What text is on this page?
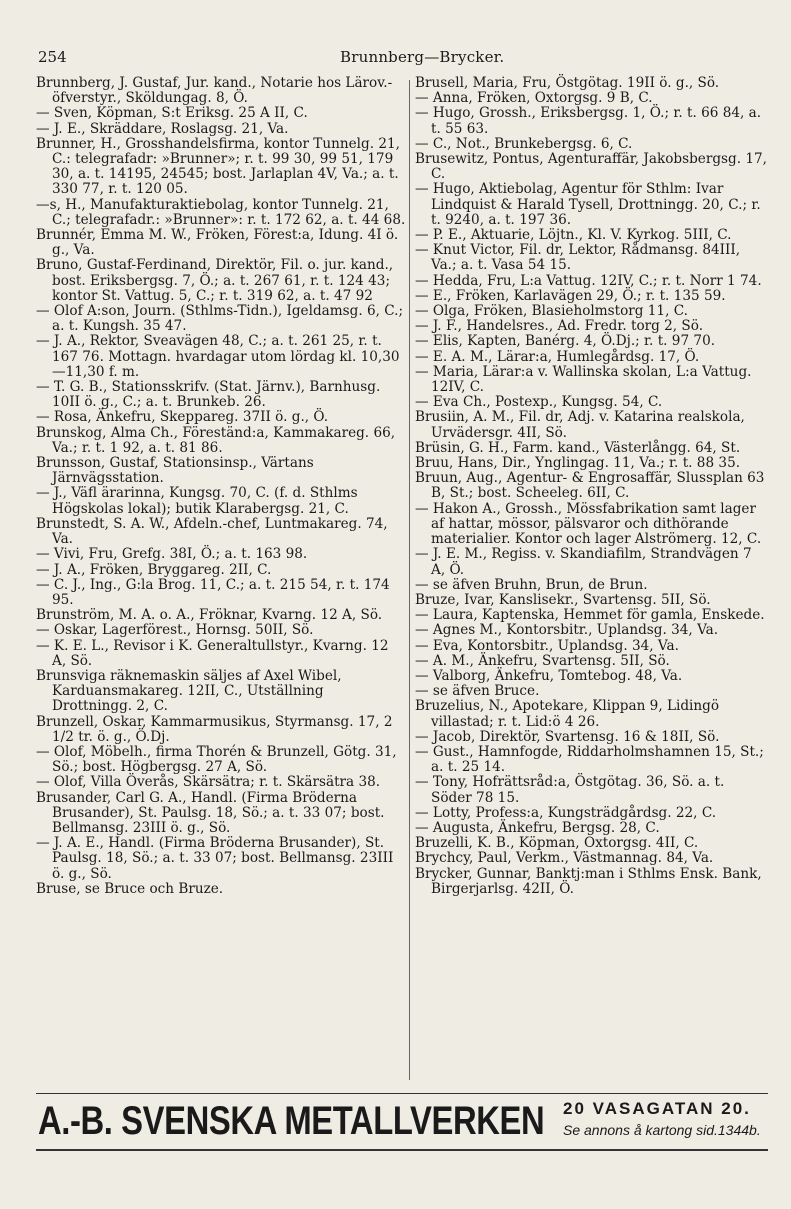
254	Brunnberg—Brycker.
Brunnberg, J. Gustaf, Jur. kand., Notarie hos Lärov.-öfverstyr., Sköldungag. 8, Ö.
— Sven, Köpman, S:t Eriksg. 25 A II, C.
— J. E., Skräddare, Roslagsg. 21, Va.
Brunner, H., Grosshandelsfirma, kontor Tunnelg. 21, C.: telegrafadr: »Brunner»; r. t. 99 30, 99 51, 179 30, a. t. 14195, 24545; bost. Jarlaplan 4V, Va.; a. t. 330 77, r. t. 120 05.
—s, H., Manufakturaktiebolag, kontor Tunnelg. 21, C.; telegrafadr.: »Brunner»: r. t. 172 62, a. t. 44 68.
Brunnér, Emma M. W., Fröken, Förest:a, Idung. 4I ö. g., Va.
Bruno, Gustaf-Ferdinand, Direktör, Fil. o. jur. kand., bost. Eriksbergsg. 7, Ö.; a. t. 267 61, r. t. 124 43; kontor St. Vattug. 5, C.; r. t. 319 62, a. t. 47 92
— Olof A:son, Journ. (Sthlms-Tidn.), Igeldamsg. 6, C.; a. t. Kungsh. 35 47.
— J. A., Rektor, Sveavägen 48, C.; a. t. 261 25, r. t. 167 76. Mottagn. hvardagar utom lördag kl. 10,30—11,30 f. m.
— T. G. B., Stationsskrifv. (Stat. Järnv.), Barnhusg. 10II ö. g., C.; a. t. Brunkeb. 26.
— Rosa, Änkefru, Skeppareg. 37II ö. g., Ö.
Brunskog, Alma Ch., Föreständ:a, Kammakareg. 66, Va.; r. t. 1 92, a. t. 81 86.
Brunsson, Gustaf, Stationsinsp., Värtans Järnvägsstation.
— J., Väfl ärarinna, Kungsg. 70, C. (f. d. Sthlms Högskolas lokal); butik Klarabergsg. 21, C.
Brunstedt, S. A. W., Afdeln.-chef, Luntmakareg. 74, Va.
— Vivi, Fru, Grefg. 38I, Ö.; a. t. 163 98.
— J. A., Fröken, Bryggareg. 2II, C.
— C. J., Ing., G:la Brog. 11, C.; a. t. 215 54, r. t. 174 95.
Brunström, M. A. o. A., Fröknar, Kvarng. 12 A, Sö.
— Oskar, Lagerförest., Hornsg. 50II, Sö.
— K. E. L., Revisor i K. Generaltullstyr., Kvarng. 12 A, Sö.
Brunsviga räknemaskin säljes af Axel Wibel, Karduansmakareg. 12II, C., Utställning Drottningg. 2, C.
Brunzell, Oskar, Kammarmusikus, Styrmansg. 17, 2 1/2 tr. ö. g., Ö.Dj.
— Olof, Möbelh., firma Thorén & Brunzell, Götg. 31, Sö.; bost. Högbergsg. 27 A, Sö.
— Olof, Villa Överås, Skärsätra; r. t. Skärsätra 38.
Brusander, Carl G. A., Handl. (Firma Bröderna Brusander), St. Paulsg. 18, Sö.; a. t. 33 07; bost. Bellmansg. 23III ö. g., Sö.
— J. A. E., Handl. (Firma Bröderna Brusander), St. Paulsg. 18, Sö.; a. t. 33 07; bost. Bellmansg. 23III ö. g., Sö.
Bruse, se Bruce och Bruze.
Brusell, Maria, Fru, Östgötag. 19II ö. g., Sö.
— Anna, Fröken, Oxtorgsg. 9 B, C.
— Hugo, Grossh., Eriksbergsg. 1, Ö.; r. t. 66 84, a. t. 55 63.
— C., Not., Brunkebergsg. 6, C.
Brusewitz, Pontus, Agenturaffär, Jakobsbergsg. 17, C.
— Hugo, Aktiebolag, Agentur för Sthlm: Ivar Lindquist & Harald Tysell, Drottningg. 20, C.; r. t. 9240, a. t. 197 36.
— P. E., Aktuarie, Löjtn., Kl. V. Kyrkog. 5III, C.
— Knut Victor, Fil. dr, Lektor, Rådmansg. 84III, Va.; a. t. Vasa 54 15.
— Hedda, Fru, L:a Vattug. 12IV, C.; r. t. Norr 1 74.
— E., Fröken, Karlavägen 29, Ö.; r. t. 135 59.
— Olga, Fröken, Blasieholmstorg 11, C.
— J. F., Handelsres., Ad. Fredr. torg 2, Sö.
— Elis, Kapten, Banérg. 4, Ö.Dj.; r. t. 97 70.
— E. A. M., Lärar:a, Humlegårdsg. 17, Ö.
— Maria, Lärar:a v. Wallinska skolan, L:a Vattug. 12IV, C.
— Eva Ch., Postexp., Kungsg. 54, C.
Brusiin, A. M., Fil. dr, Adj. v. Katarina realskola, Urvädersgr. 4II, Sö.
Brüsin, G. H., Farm. kand., Västerlångg. 64, St.
Bruu, Hans, Dir., Ynglingag. 11, Va.; r. t. 88 35.
Bruun, Aug., Agentur- & Engrosaffär, Slussplan 63 B, St.; bost. Scheeleg. 6II, C.
— Hakon A., Grossh., Mössfabrikation samt lager af hattar, mössor, pälsvaror och dithörande materialier. Kontor och lager Alströmerg. 12, C.
— J. E. M., Regiss. v. Skandiafilm, Strandvägen 7 A, Ö.
— se äfven Bruhn, Brun, de Brun.
Bruze, Ivar, Kanslisekr., Svartensg. 5II, Sö.
— Laura, Kaptenska, Hemmet för gamla, Enskede.
— Agnes M., Kontorsbitr., Uplandsg. 34, Va.
— Eva, Kontorsbitr., Uplandsg. 34, Va.
— A. M., Änkefru, Svartensg. 5II, Sö.
— Valborg, Änkefru, Tomtebog. 48, Va.
— se äfven Bruce.
Bruzelius, N., Apotekare, Klippan 9, Lidingö villastad; r. t. Lid:ö 4 26.
— Jacob, Direktör, Svartensg. 16 & 18II, Sö.
— Gust., Hamnfogde, Riddarholmshamnen 15, St.; a. t. 25 14.
— Tony, Hofrättsråd:a, Östgötag. 36, Sö. a. t. Söder 78 15.
— Lotty, Profess:a, Kungsträdgårdsg. 22, C.
— Augusta, Änkefru, Bergsg. 28, C.
Bruzelli, K. B., Köpman, Oxtorgsg. 4II, C.
Brychcy, Paul, Verkm., Västmannag. 84, Va.
Brycker, Gunnar, Banktj:man i Sthlms Ensk. Bank, Birgerjarlsg. 42II, Ö.
A.-B. SVENSKA METALLVERKEN 20 VASAGATAN 20.
Se annons å kartong sid.1344b.
